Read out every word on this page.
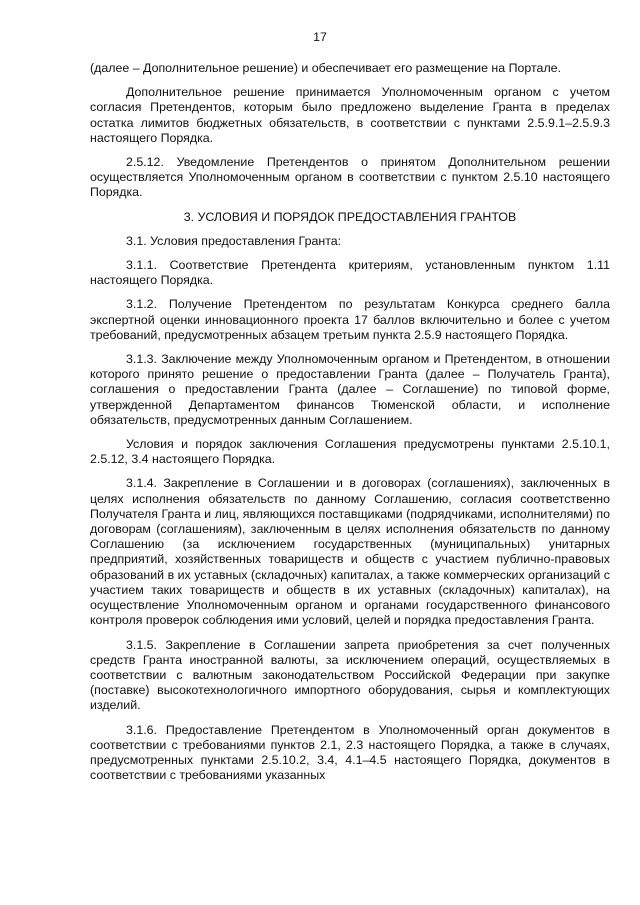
17

(далее – Дополнительное решение) и обеспечивает его размещение на Портале.

Дополнительное решение принимается Уполномоченным органом с учетом согласия Претендентов, которым было предложено выделение Гранта в пределах остатка лимитов бюджетных обязательств, в соответствии с пунктами 2.5.9.1–2.5.9.3 настоящего Порядка.

2.5.12. Уведомление Претендентов о принятом Дополнительном решении осуществляется Уполномоченным органом в соответствии с пунктом 2.5.10 настоящего Порядка.

3. УСЛОВИЯ И ПОРЯДОК ПРЕДОСТАВЛЕНИЯ ГРАНТОВ

3.1. Условия предоставления Гранта:

3.1.1. Соответствие Претендента критериям, установленным пунктом 1.11 настоящего Порядка.

3.1.2. Получение Претендентом по результатам Конкурса среднего балла экспертной оценки инновационного проекта 17 баллов включительно и более с учетом требований, предусмотренных абзацем третьим пункта 2.5.9 настоящего Порядка.

3.1.3. Заключение между Уполномоченным органом и Претендентом, в отношении которого принято решение о предоставлении Гранта (далее – Получатель Гранта), соглашения о предоставлении Гранта (далее – Соглашение) по типовой форме, утвержденной Департаментом финансов Тюменской области, и исполнение обязательств, предусмотренных данным Соглашением.

Условия и порядок заключения Соглашения предусмотрены пунктами 2.5.10.1, 2.5.12, 3.4 настоящего Порядка.

3.1.4. Закрепление в Соглашении и в договорах (соглашениях), заключенных в целях исполнения обязательств по данному Соглашению, согласия соответственно Получателя Гранта и лиц, являющихся поставщиками (подрядчиками, исполнителями) по договорам (соглашениям), заключенным в целях исполнения обязательств по данному Соглашению (за исключением государственных (муниципальных) унитарных предприятий, хозяйственных товариществ и обществ с участием публично-правовых образований в их уставных (складочных) капиталах, а также коммерческих организаций с участием таких товариществ и обществ в их уставных (складочных) капиталах), на осуществление Уполномоченным органом и органами государственного финансового контроля проверок соблюдения ими условий, целей и порядка предоставления Гранта.

3.1.5. Закрепление в Соглашении запрета приобретения за счет полученных средств Гранта иностранной валюты, за исключением операций, осуществляемых в соответствии с валютным законодательством Российской Федерации при закупке (поставке) высокотехнологичного импортного оборудования, сырья и комплектующих изделий.

3.1.6. Предоставление Претендентом в Уполномоченный орган документов в соответствии с требованиями пунктов 2.1, 2.3 настоящего Порядка, а также в случаях, предусмотренных пунктами 2.5.10.2, 3.4, 4.1–4.5 настоящего Порядка, документов в соответствии с требованиями указанных
